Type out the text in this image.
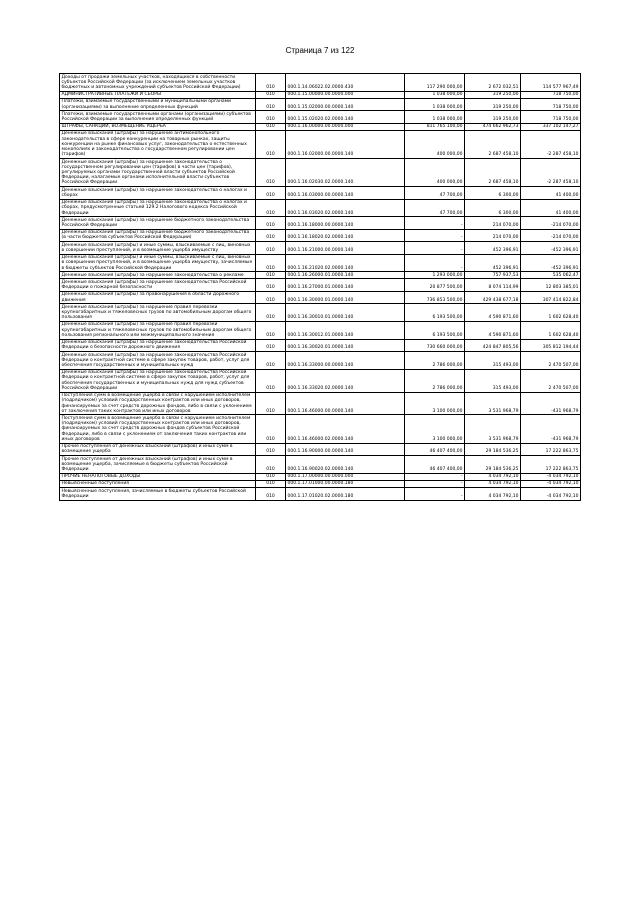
Страница 7 из 122
Доходы от продажи земельных участков, находящихся в собственности субъектов Российской Федерации (за исключением земельных участков бюджетных и автономных учреждений субъектов Российской Федерации)	010	000.1.14.06022.02.0000.430	117 290 000,00	2 672 032,51	114 577 967,49
АДМИНИСТРАТИВНЫЕ ПЛАТЕЖИ И СБОРЫ	010	000.1.15.00000.00.0000.000	1 038 000,00	319 250,00	718 750,00
Платежи, взимаемые государственными и муниципальными органами (организациями) за выполнение определенных функций	010	000.1.15.02000.00.0000.140	1 038 000,00	319 250,00	718 750,00
Платежи, взимаемые государственными органами (организациями) субъектов Российской Федерации за выполнение определенных функций	010	000.1.15.02020.02.0000.140	1 038 000,00	319 250,00	718 750,00
ШТРАФЫ, САНКЦИИ, ВОЗМЕЩЕНИЕ УЩЕРБА	010	000.1.16.00000.00.0000.000	811 765 100,00	474 662 962,73	337 102 147,27
Денежные взыскания (штрафы) за нарушение антимонопольного законодательства в сфере конкуренции на товарных рынках, защиты конкуренции на рынке финансовых услуг, законодательства о естественных монополиях и законодательства о государственном регулировании цен (тарифов)	010	000.1.16.02000.00.0000.140	400 000,00	2 687 458,10	-2 287 458,10
Денежные взыскания (штрафы) за нарушение законодательства о государственном регулировании цен (тарифов) в части цен (тарифов), регулируемых органами государственной власти субъектов Российской Федерации, налагаемые органами исполнительной власти субъектов Российской Федерации	010	000.1.16.02030.02.0000.140	400 000,00	2 687 458,10	-2 287 458,10
Денежные взыскания (штрафы) за нарушение законодательства о налогах и сборах	010	000.1.16.03000.00.0000.140	47 700,00	6 300,00	41 400,00
Денежные взыскания (штрафы) за нарушение законодательства о налогах и сборах, предусмотренные статьей 129.2 Налогового кодекса Российской Федерации	010	000.1.16.03020.02.0000.140	47 700,00	6 300,00	41 400,00
Денежные взыскания (штрафы) за нарушение бюджетного законодательства Российской Федерации	010	000.1.16.18000.00.0000.140	-	214 070,00	-214 070,00
Денежные взыскания (штрафы) за нарушение бюджетного законодательства (в части бюджетов субъектов Российской Федерации)	010	000.1.16.18020.02.0000.140	-	214 070,00	-214 070,00
Денежные взыскания (штрафы) и иные суммы, взыскиваемые с лиц, виновных в совершении преступлений, и в возмещение ущерба имуществу	010	000.1.16.21000.00.0000.140	-	452 396,91	-452 396,91
Денежные взыскания (штрафы) и иные суммы, взыскиваемые с лиц, виновных в совершении преступлений, и в возмещение ущерба имуществу, зачисляемые в бюджеты субъектов Российской Федерации	010	000.1.16.21020.02.0000.140	-	452 396,91	-452 396,91
Денежные взыскания (штрафы) за нарушение законодательства о рекламе	010	000.1.16.26000.01.0000.140	1 293 000,00	757 937,53	535 062,47
Денежные взыскания (штрафы) за нарушение законодательства Российской Федерации о пожарной безопасности	010	000.1.16.27000.01.0000.140	20 877 500,00	8 074 114,99	12 803 385,01
Денежные взыскания (штрафы) за правонарушения в области дорожного движения	010	000.1.16.30000.01.0000.140	736 853 500,00	429 438 677,18	307 414 822,84
Денежные взыскания (штрафы) за нарушение правил перевозки крупногабаритных и тяжеловесных грузов по автомобильным дорогам общего пользования	010	000.1.16.30010.01.0000.140	6 193 500,00	4 590 871,60	1 602 628,40
Денежные взыскания (штрафы) за нарушение правил перевозки крупногабаритных и тяжеловесных грузов по автомобильным дорогам общего пользования регионального или межмуниципального значения	010	000.1.16.30012.01.0000.140	6 193 500,00	4 590 871,60	1 602 628,40
Денежные взыскания (штрафы) за нарушение законодательства Российской Федерации о безопасности дорожного движения	010	000.1.16.30020.01.0000.140	730 660 000,00	424 847 805,56	305 812 194,44
Денежные взыскания (штрафы) за нарушение законодательства Российской Федерации о контрактной системе в сфере закупок товаров, работ, услуг для обеспечения государственных и муниципальных нужд	010	000.1.16.33000.00.0000.140	2 786 000,00	315 493,00	2 470 507,00
Денежные взыскания (штрафы) за нарушение законодательства Российской Федерации о контрактной системе в сфере закупок товаров, работ, услуг для обеспечения государственных и муниципальных нужд для нужд субъектов Российской Федерации	010	000.1.16.33020.02.0000.140	2 786 000,00	315 493,00	2 470 507,00
Поступления сумм в возмещение ущерба в связи с нарушением исполнителем (подрядчиком) условий государственных контрактов или иных договоров, финансируемых за счет средств дорожных фондов, либо в связи с уклонением от заключения таких контрактов или иных договоров	010	000.1.16.46000.00.0000.140	3 100 000,00	3 531 968,79	-431 968,79
Поступления сумм в возмещение ущерба в связи с нарушением исполнителем (подрядчиком) условий государственных контрактов или иных договоров, финансируемых за счет средств дорожных фондов субъектов Российской Федерации, либо в связи с уклонением от заключения таких контрактов или иных договоров	010	000.1.16.46000.02.0000.140	3 100 000,00	3 531 968,79	-431 968,79
Прочие поступления от денежных взысканий (штрафов) и иных сумм в возмещение ущерба	010	000.1.16.90000.00.0000.140	46 407 400,00	29 184 536,25	17 222 863,75
Прочие поступления от денежных взысканий (штрафов) и иных сумм в возмещение ущерба, зачисляемые в бюджеты субъектов Российской Федерации	010	000.1.16.90020.02.0000.140	46 407 400,00	29 184 536,25	17 222 863,75
ПРОЧИЕ НЕНАЛОГОВЫЕ ДОХОДЫ	010	000.1.17.00000.00.0000.000	-	4 034 792,10	-4 034 792,10
Невыясненные поступления	010	000.1.17.01000.00.0000.180	-	4 034 792,10	-4 034 792,10
Невыясненные поступления, зачисляемые в бюджеты субъектов Российской Федерации	010	000.1.17.01020.02.0000.180	-	4 034 792,10	-4 034 792,10
